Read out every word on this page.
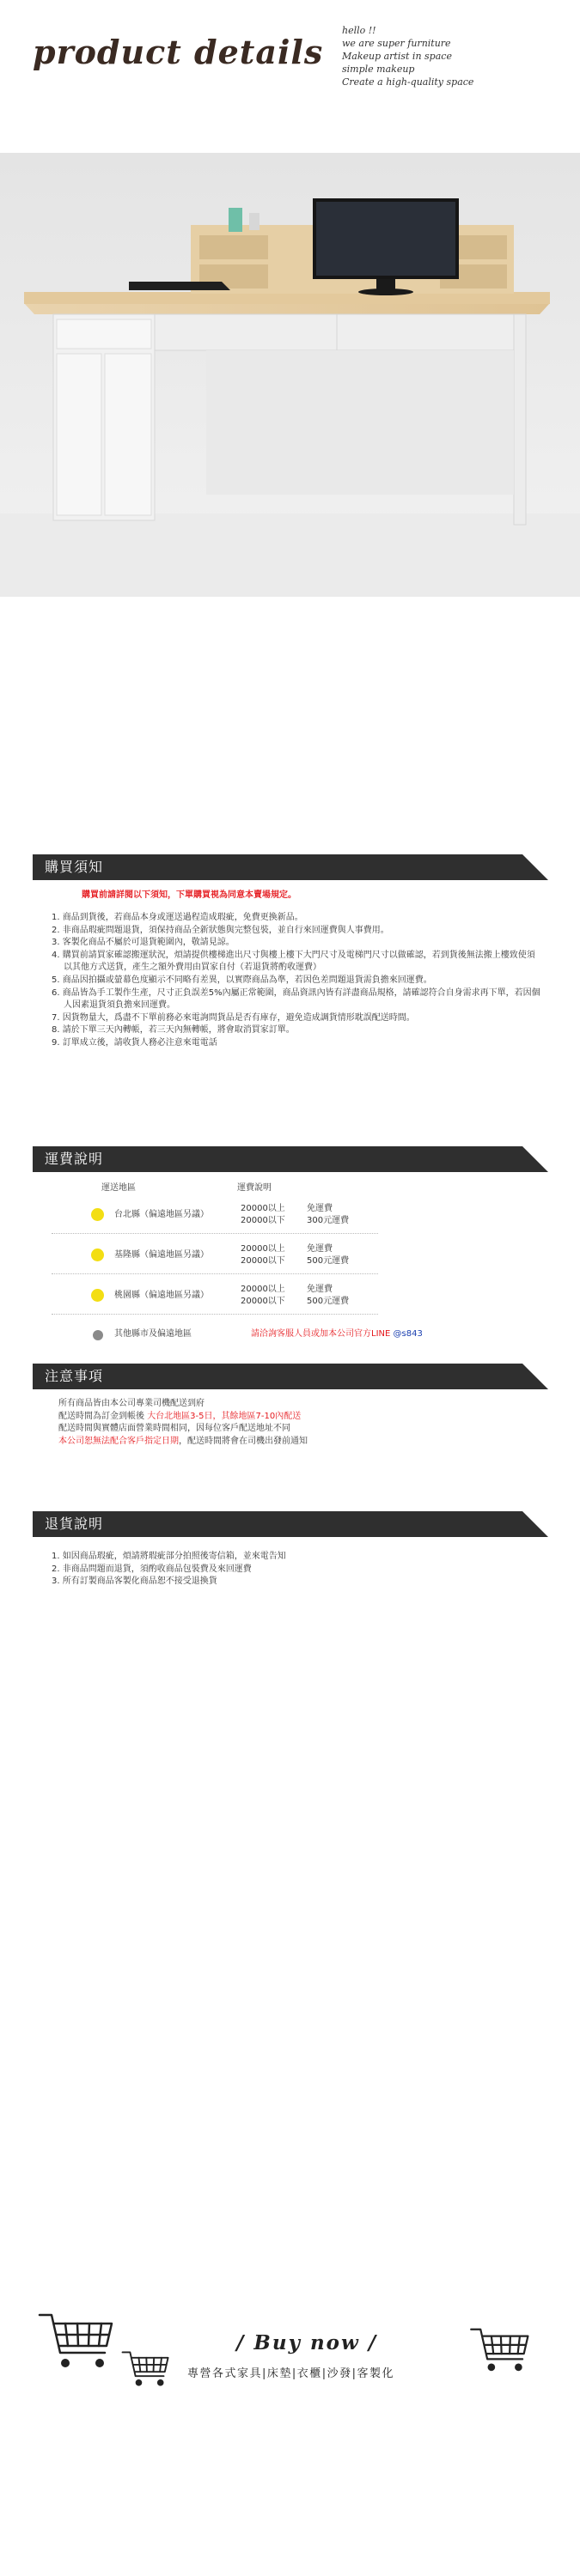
product details
hello !!
we are super furniture
Makeup artist in space
simple makeup
Create a high-quality space
購買須知
購買前請詳閱以下須知，下單購買視為同意本賣場規定。
1. 商品到貨後，若商品本身或運送過程造成瑕疵，免費更換新品。
2. 非商品瑕疵問題退貨，須保持商品全新狀態與完整包裝，並自行來回運費與人事費用。
3. 客製化商品不屬於可退貨範圍內，敬請見諒。
4. 購買前請買家確認搬運狀況，煩請提供樓梯進出尺寸與樓上樓下大門尺寸及電梯門尺寸以做確認，若到貨後無法搬上樓致使須以其他方式送貨，產生之額外費用由買家自付（若退貨將酌收運費）
5. 商品因拍攝或螢幕色度顯示不同略有差異，以實際商品為準，若因色差問題退貨需負擔來回運費。
6. 商品皆為手工製作生產，尺寸正負誤差5%內屬正常範圍，商品資訊內皆有詳盡商品規格，請確認符合自身需求再下單，若因個人因素退貨須負擔來回運費。
7. 因貨物量大，爲盡不下單前務必來電詢問貨品是否有庫存，避免造成調貨情形耽誤配送時間。
8. 請於下單三天內轉帳，若三天內無轉帳，將會取消買家訂單。
9. 訂單成立後，請收貨人務必注意來電電話
運費說明
運送地區	運費說明
台北縣（偏遠地區另議）
20000以上	免運費
20000以下	300元運費
基隆縣（偏遠地區另議）
20000以上	免運費
20000以下	500元運費
桃園縣（偏遠地區另議）
20000以上	免運費
20000以下	500元運費
其他縣市及偏遠地區	請洽詢客服人員或加本公司官方LINE @s843
注意事項
所有商品皆由本公司專業司機配送到府
配送時間為訂金到帳後 大台北地區3-5日，其餘地區7-10內配送
配送時間與實體店面營業時間相同，因每位客戶配送地址不同
本公司恕無法配合客戶指定日期，配送時間將會在司機出發前通知
退貨說明
1. 如因商品瑕疵，煩請將瑕疵部分拍照後寄信箱，並來電告知
2. 非商品問題而退貨，須酌收商品包裝費及來回運費
3. 所有訂製商品客製化商品恕不接受退換貨
/ Buy now /
專營各式家具|床墊|衣櫃|沙發|客製化
